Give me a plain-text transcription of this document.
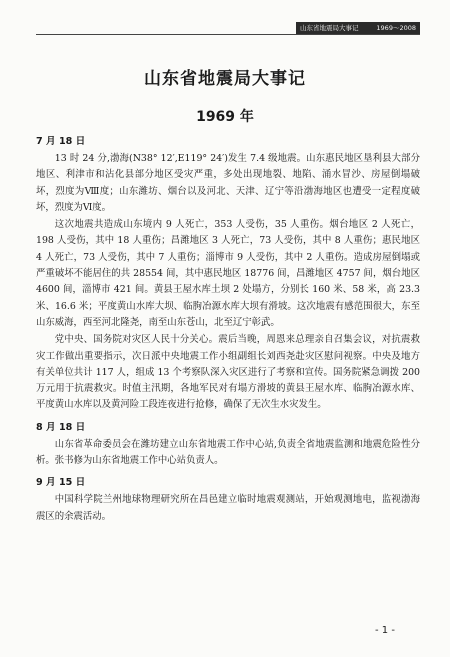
山东省地震局大事记	1969～2008
山东省地震局大事记
1969 年

7 月 18 日

13 时 24 分,渤海(N38° 12′,E119° 24′)发生 7.4 级地震。山东惠民地区垦利县大部分地区、利津市和沾化县部分地区受灾严重，多处出现地裂、地陷、涌水冒沙、房屋倒塌破坏，烈度为Ⅷ度；山东潍坊、烟台以及河北、天津、辽宁等沿渤海地区也遭受一定程度破坏，烈度为Ⅵ度。

这次地震共造成山东境内 9 人死亡，353 人受伤，35 人重伤。烟台地区 2 人死亡，198 人受伤，其中 18 人重伤；昌潍地区 3 人死亡，73 人受伤，其中 8 人重伤；惠民地区 4 人死亡，73 人受伤，其中 7 人重伤；淄博市 9 人受伤，其中 2 人重伤。造成房屋倒塌或严重破坏不能居住的共 28554 间，其中惠民地区 18776 间，昌潍地区 4757 间，烟台地区 4600 间，淄博市 421 间。黄县王屋水库土坝 2 处塌方，分别长 160 米、58 米，高 23.3 米、16.6 米；平度黄山水库大坝、临朐冶源水库大坝有滑坡。这次地震有感范围很大，东至山东威海，西至河北隆尧，南至山东苍山，北至辽宁彰武。

党中央、国务院对灾区人民十分关心。震后当晚，周恩来总理亲自召集会议，对抗震救灾工作做出重要指示，次日派中央地震工作小组副组长刘西尧赴灾区慰问视察。中央及地方有关单位共计 117 人，组成 13 个考察队深入灾区进行了考察和宣传。国务院紧急调拨 200 万元用于抗震救灾。时值主汛期，各地军民对有塌方滑坡的黄县王屋水库、临朐冶源水库、平度黄山水库以及黄河险工段连夜进行抢修，确保了无次生水灾发生。

8 月 18 日

山东省革命委员会在潍坊建立山东省地震工作中心站,负责全省地震监测和地震危险性分析。张书修为山东省地震工作中心站负责人。

9 月 15 日

中国科学院兰州地球物理研究所在昌邑建立临时地震观测站，开始观测地电，监视渤海震区的余震活动。

- 1 -
